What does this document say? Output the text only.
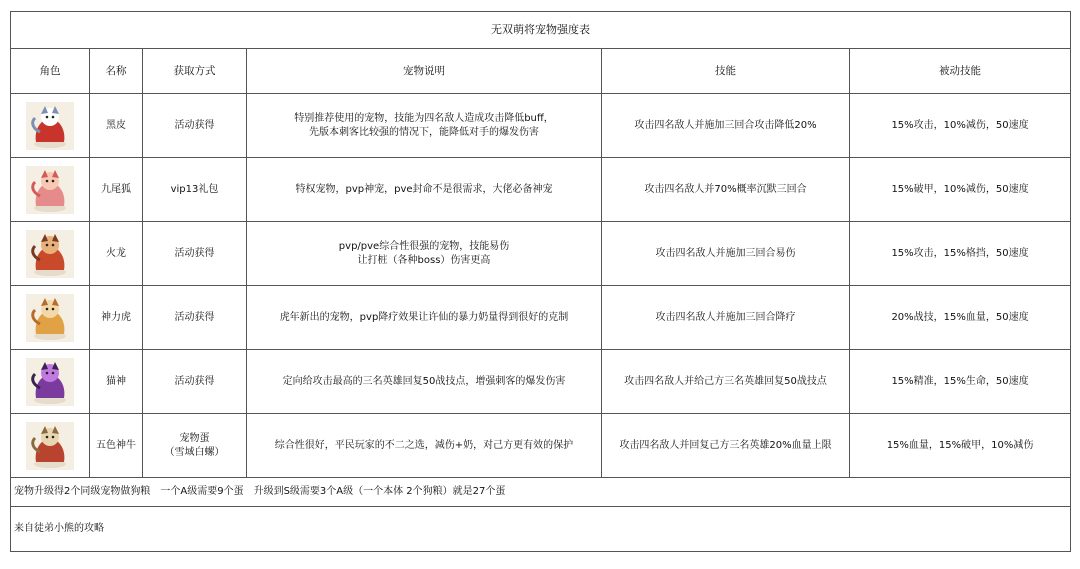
无双萌将宠物强度表					
角色	名称	获取方式	宠物说明	技能	被动技能

	黑皮	活动获得	特别推荐使用的宠物，技能为四名敌人造成攻击降低buff，
先版本刺客比较强的情况下，能降低对手的爆发伤害	攻击四名敌人并施加三回合攻击降低20%	15%攻击，10%减伤，50速度

	九尾狐	vip13礼包	特权宠物，pvp神宠，pve封命不是很需求，大佬必备神宠	攻击四名敌人并70%概率沉默三回合	15%破甲，10%减伤，50速度

	火龙	活动获得	pvp/pve综合性很强的宠物，技能易伤
让打桩（各种boss）伤害更高	攻击四名敌人并施加三回合易伤	15%攻击，15%格挡，50速度

	神力虎	活动获得	虎年新出的宠物，pvp降疗效果让许仙的暴力奶量得到很好的克制	攻击四名敌人并施加三回合降疗	20%战技，15%血量，50速度

	猫神	活动获得	定向给攻击最高的三名英雄回复50战技点，增强刺客的爆发伤害	攻击四名敌人并给己方三名英雄回复50战技点	15%精准，15%生命，50速度

	五色神牛	宠物蛋
（雪域白螺）	综合性很好，平民玩家的不二之选，减伤+奶，对己方更有效的保护	攻击四名敌人并回复己方三名英雄20%血量上限	15%血量，15%破甲，10%减伤
宠物升级得2个同级宠物做狗粮　一个A级需要9个蛋　升级到S级需要3个A级（一个本体 2个狗粮）就是27个蛋					
来自徒弟小熊的攻略					
